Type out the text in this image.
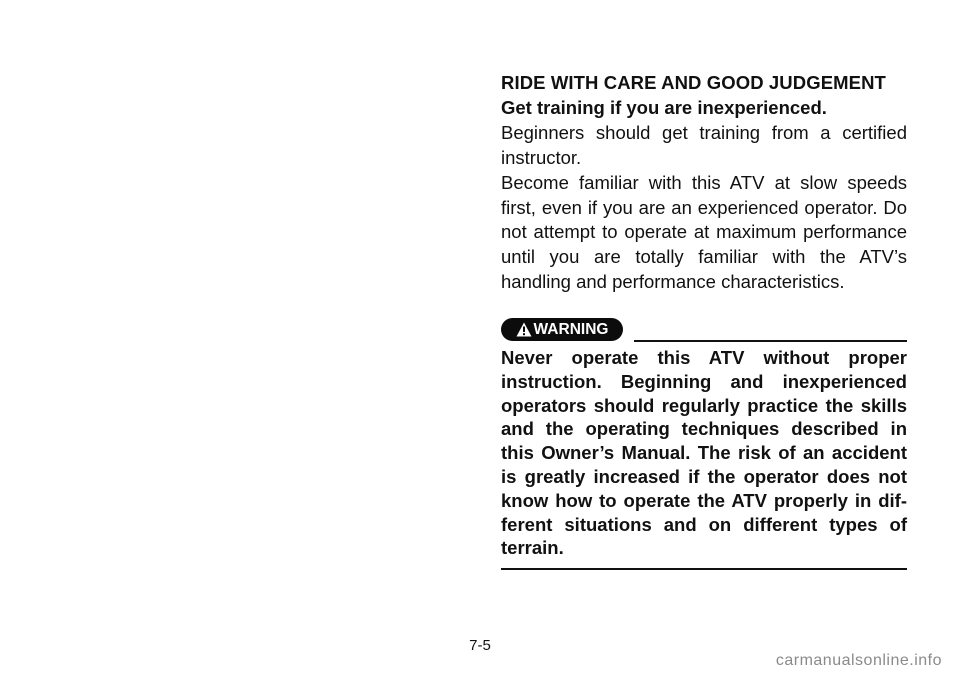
RIDE WITH CARE AND GOOD JUDGEMENT

Get training if you are inexperienced.

Beginners should get training from a certified instructor.

Become familiar with this ATV at slow speeds first, even if you are an experienced operator. Do not attempt to operate at maximum performance until you are totally familiar with the ATV’s handling and performance characteristics.

WARNING

Never operate this ATV without proper instruction. Beginning and inexperienced operators should regularly practice the skills and the operating techniques described in this Owner’s Manual. The risk of an accident is greatly increased if the operator does not know how to operate the ATV properly in different situations and on different types of terrain.

7-5
carmanualsonline.info
